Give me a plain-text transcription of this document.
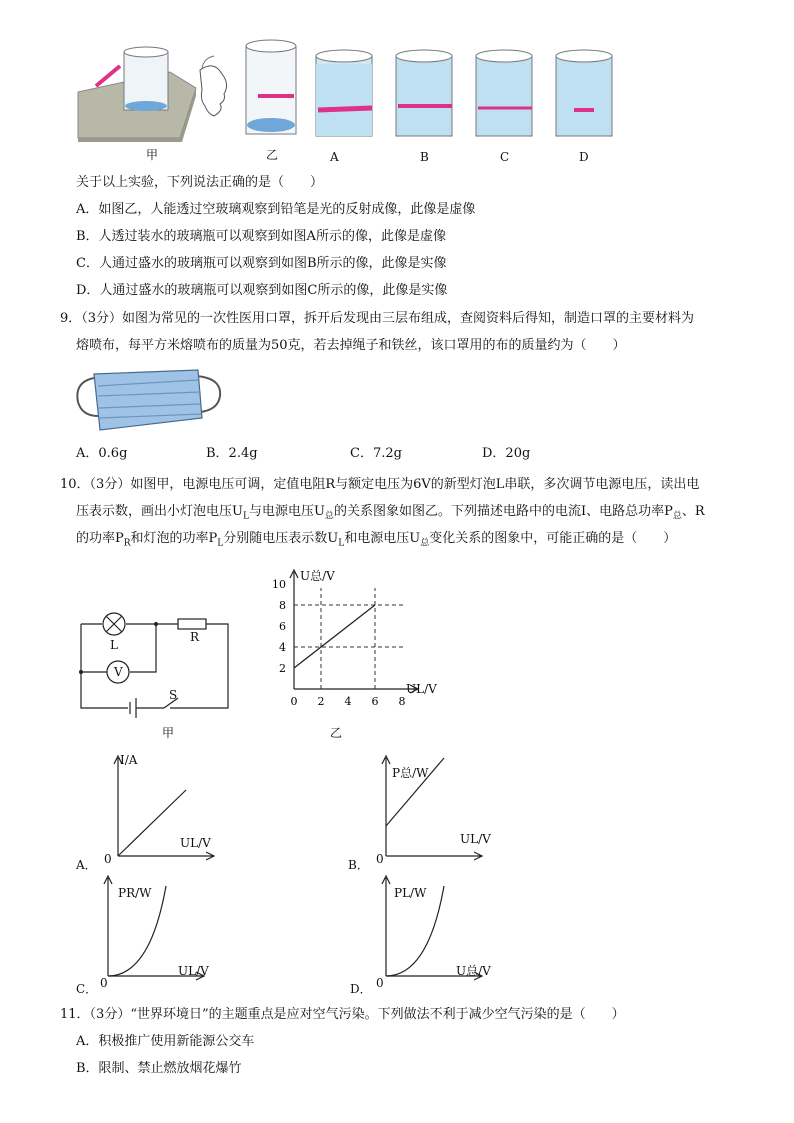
甲	乙	A	B	C	D
关于以上实验，下列说法正确的是（　　）
A．如图乙，人能透过空玻璃观察到铅笔是光的反射成像，此像是虚像
B．人透过装水的玻璃瓶可以观察到如图A所示的像，此像是虚像
C．人通过盛水的玻璃瓶可以观察到如图B所示的像，此像是实像
D．人通过盛水的玻璃瓶可以观察到如图C所示的像，此像是实像
9．（3分）如图为常见的一次性医用口罩，拆开后发现由三层布组成，查阅资料后得知，制造口罩的主要材料为
熔喷布，每平方米熔喷布的质量为50克，若去掉绳子和铁丝，该口罩用的布的质量约为（　　）
A．0.6g	B．2.4g	C．7.2g	D．20g
10．（3分）如图甲，电源电压可调，定值电阻R与额定电压为6V的新型灯泡L串联，多次调节电源电压，读出电
压表示数，画出小灯泡电压$U_L$与电源电压$U_总$的关系图象如图乙。下列描述电路中的电流I、电路总功率$P_总$、R
的功率$P_R$和灯泡的功率$P_L$分别随电压表示数$U_L$和电源电压$U_总$变化关系的图象中，可能正确的是（　　）
L
R
V
S
甲
2
4
6
8
10
0 2 4 6 8
U总/V
UL/V
乙
I/A
UL/V
0
A．
P总/W
UL/V
0
B．
PR/W
UL/V
0
C．
PL/W
U总/V
0
D．
11．（3分）“世界环境日”的主题重点是应对空气污染。下列做法不利于减少空气污染的是（　　）
A．积极推广使用新能源公交车
B．限制、禁止燃放烟花爆竹
